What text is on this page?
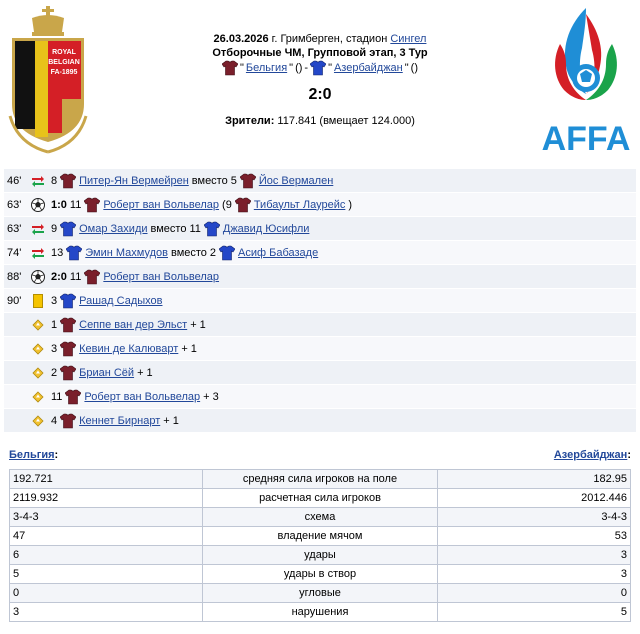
ROYAL
BELGIAN
FA-1895
26.03.2026 г. Гримберген, стадион Сингел
Отборочные ЧМ, Групповой этап, 3 Тур
" Бельгия " () - " Азербайджан " ()
2:0
Зрители: 117.841 (вмещает 124.000)	AFFA
46'	8 Питер-Ян Вермейрен вместо 5 Йос Вермален
63'	1:0 11 Роберт ван Вольвелар (9 Тибаульт Лаурейс )
63'	9 Омар Захиди вместо 11 Джавид Юсифли
74'	13 Эмин Махмудов вместо 2 Асиф Бабазаде
88'	2:0 11 Роберт ван Вольвелар
90'	3 Рашад Садыхов
1 Сеппе ван дер Эльст + 1
3 Кевин де Калюварт + 1
2 Бриан Сёй + 1
11 Роберт ван Вольвелар + 3
4 Кеннет Бирнарт + 1
Бельгия:	Азербайджан:
192.721	средняя сила игроков на поле	182.95
2119.932	расчетная сила игроков	2012.446
3-4-3	схема	3-4-3
47	владение мячом	53
6	удары	3
5	удары в створ	3
0	угловые	0
3	нарушения	5
